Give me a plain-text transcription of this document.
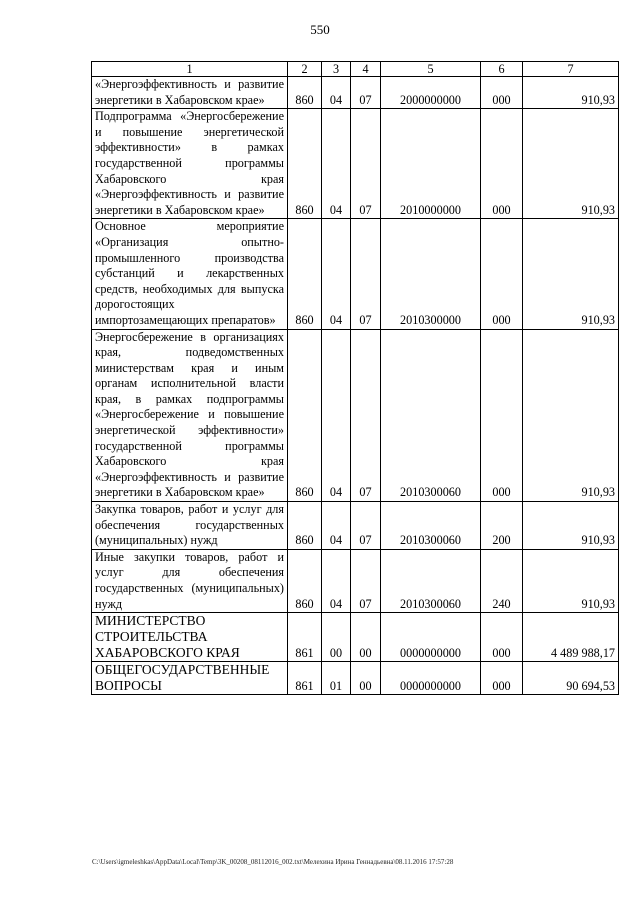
550
1	2	3	4	5	6	7
«Энергоэффективность и развитие энергетики в Хабаровском крае»	860	04	07	2000000000	000	910,93
Подпрограмма «Энергосбережение и повышение энергетической эффективности» в рамках государственной программы Хабаровского края «Энергоэффективность и развитие энергетики в Хабаровском крае»	860	04	07	2010000000	000	910,93
Основное мероприятие «Организация опытно-промышленного производства субстанций и лекарственных средств, необходимых для выпуска дорогостоящих импортозамещающих препаратов»	860	04	07	2010300000	000	910,93
Энергосбережение в организациях края, подведомственных министерствам края и иным органам исполнительной власти края, в рамках подпрограммы «Энергосбережение и повышение энергетической эффективности» государственной программы Хабаровского края «Энергоэффективность и развитие энергетики в Хабаровском крае»	860	04	07	2010300060	000	910,93
Закупка товаров, работ и услуг для обеспечения государственных (муниципальных) нужд	860	04	07	2010300060	200	910,93
Иные закупки товаров, работ и услуг для обеспечения государственных (муниципальных) нужд	860	04	07	2010300060	240	910,93
МИНИСТЕРСТВО СТРОИТЕЛЬСТВА ХАБАРОВСКОГО КРАЯ	861	00	00	0000000000	000	4 489 988,17
ОБЩЕГОСУДАРСТВЕННЫЕ ВОПРОСЫ	861	01	00	0000000000	000	90 694,53
C:\Users\igmeleshkas\AppData\Local\Temp\3K_00208_08112016_002.txt\Мелехина Ирина Геннадьевна\08.11.2016 17:57:28
